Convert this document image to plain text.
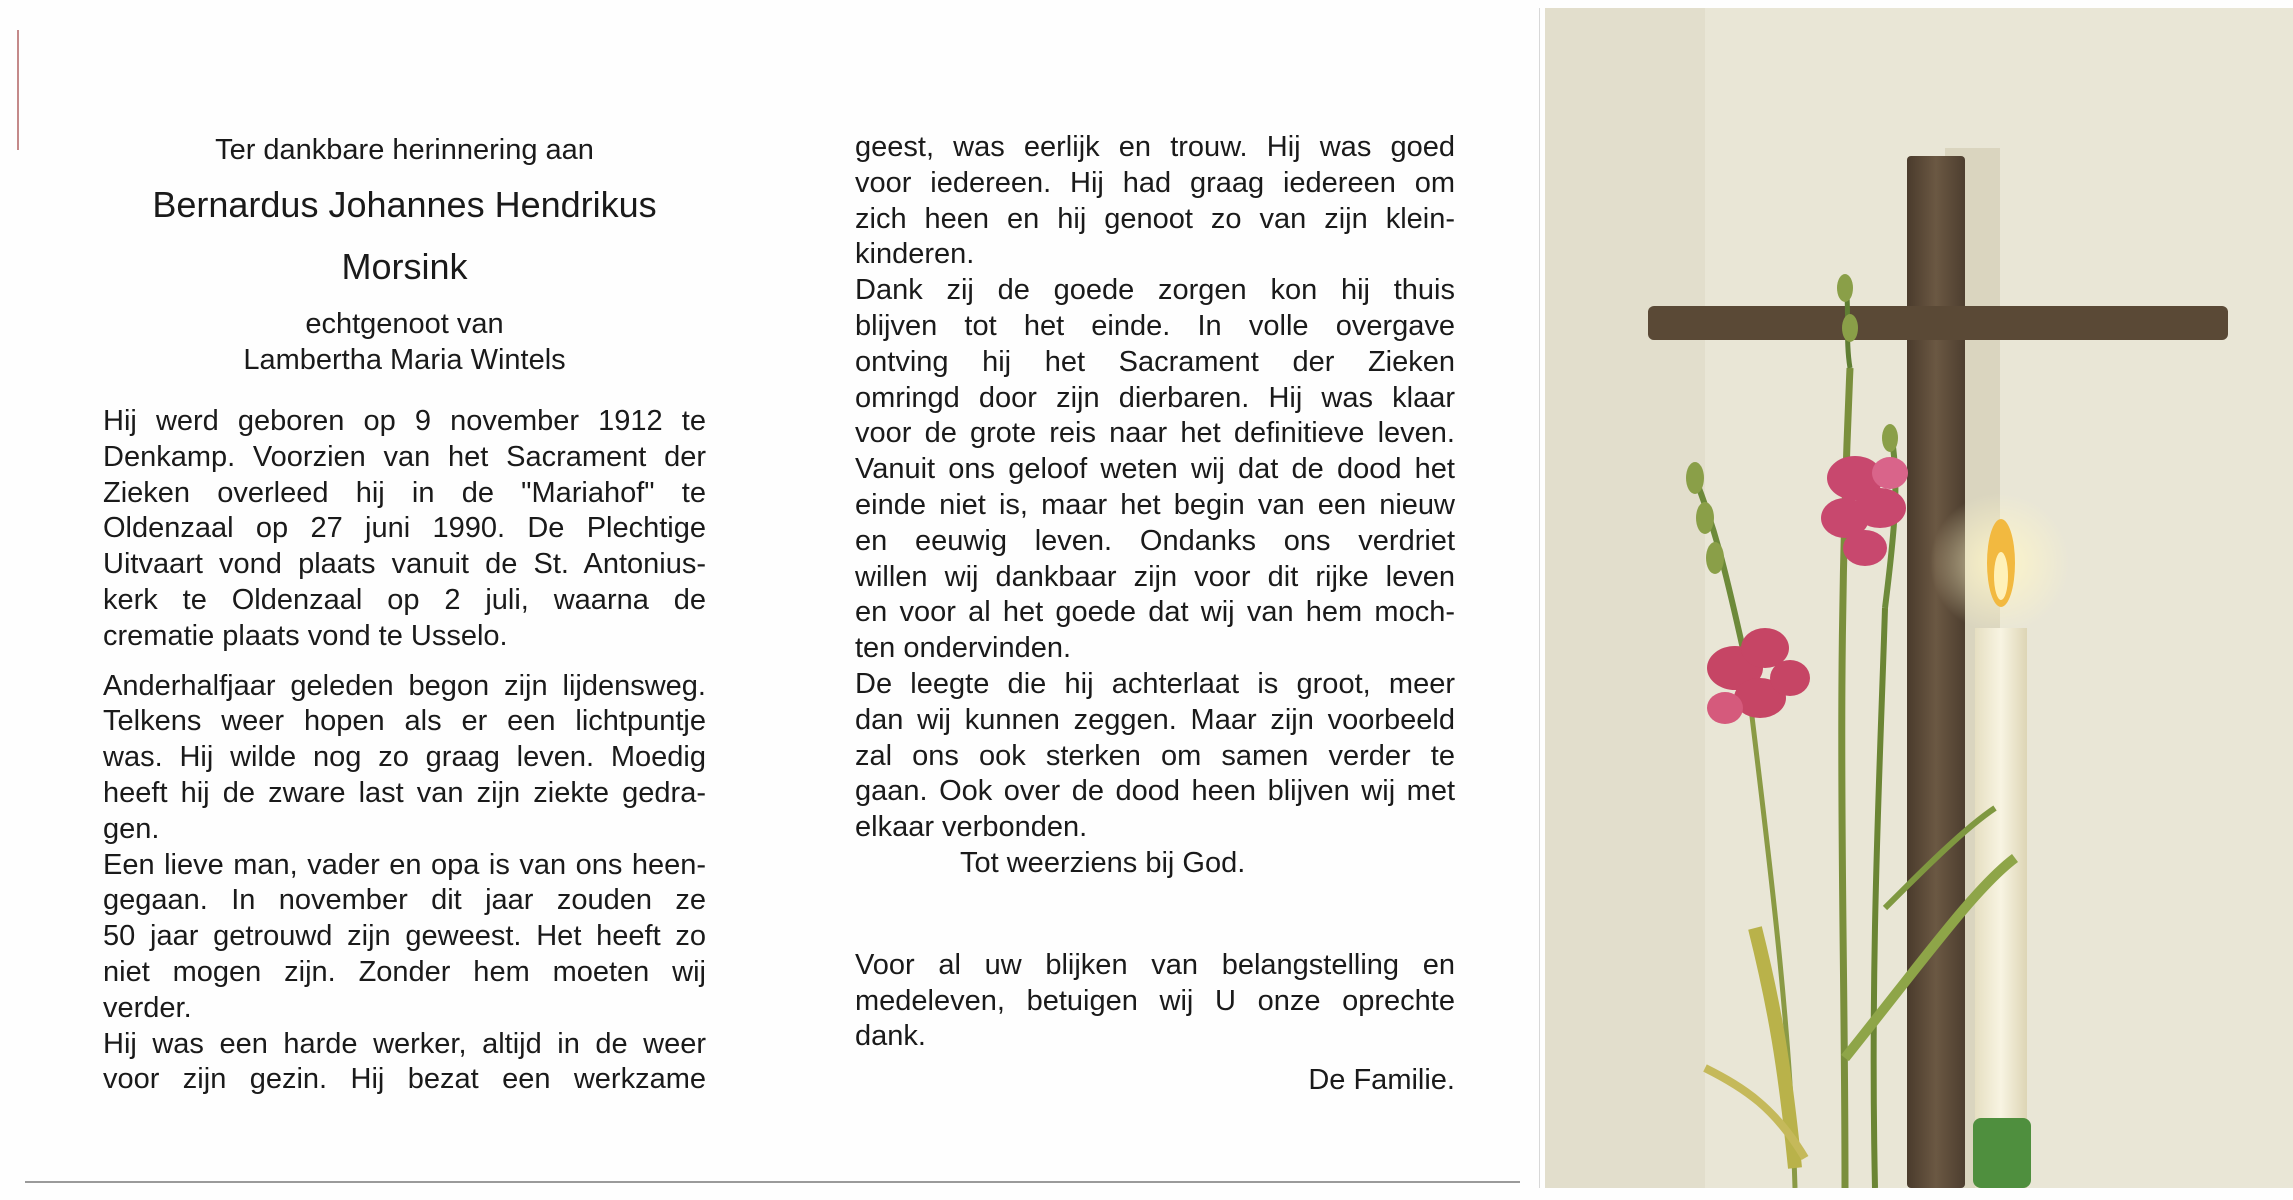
Ter dankbare herinnering aan

Bernardus Johannes Hendrikus

Morsink

echtgenoot van

Lambertha Maria Wintels

Hij werd geboren op 9 november 1912 te

Denkamp. Voorzien van het Sacrament der

Zieken overleed hij in de "Mariahof" te

Oldenzaal op 27 juni 1990. De Plechtige

Uitvaart vond plaats vanuit de St. Antonius-

kerk te Oldenzaal op 2 juli, waarna de

crematie plaats vond te Usselo.

Anderhalfjaar geleden begon zijn lijdensweg.

Telkens weer hopen als er een lichtpuntje

was. Hij wilde nog zo graag leven. Moedig

heeft hij de zware last van zijn ziekte gedra-

gen.

Een lieve man, vader en opa is van ons heen-

gegaan. In november dit jaar zouden ze

50 jaar getrouwd zijn geweest. Het heeft zo

niet mogen zijn. Zonder hem moeten wij

verder.

Hij was een harde werker, altijd in de weer

voor zijn gezin. Hij bezat een werkzame

geest, was eerlijk en trouw. Hij was goed

voor iedereen. Hij had graag iedereen om

zich heen en hij genoot zo van zijn klein-

kinderen.

Dank zij de goede zorgen kon hij thuis

blijven tot het einde. In volle overgave

ontving hij het Sacrament der Zieken

omringd door zijn dierbaren. Hij was klaar

voor de grote reis naar het definitieve leven.

Vanuit ons geloof weten wij dat de dood het

einde niet is, maar het begin van een nieuw

en eeuwig leven. Ondanks ons verdriet

willen wij dankbaar zijn voor dit rijke leven

en voor al het goede dat wij van hem moch-

ten ondervinden.

De leegte die hij achterlaat is groot, meer

dan wij kunnen zeggen. Maar zijn voorbeeld

zal ons ook sterken om samen verder te

gaan. Ook over de dood heen blijven wij met

elkaar verbonden.

Tot weerziens bij God.

Voor al uw blijken van belangstelling en

medeleven, betuigen wij U onze oprechte

dank.

De Familie.
